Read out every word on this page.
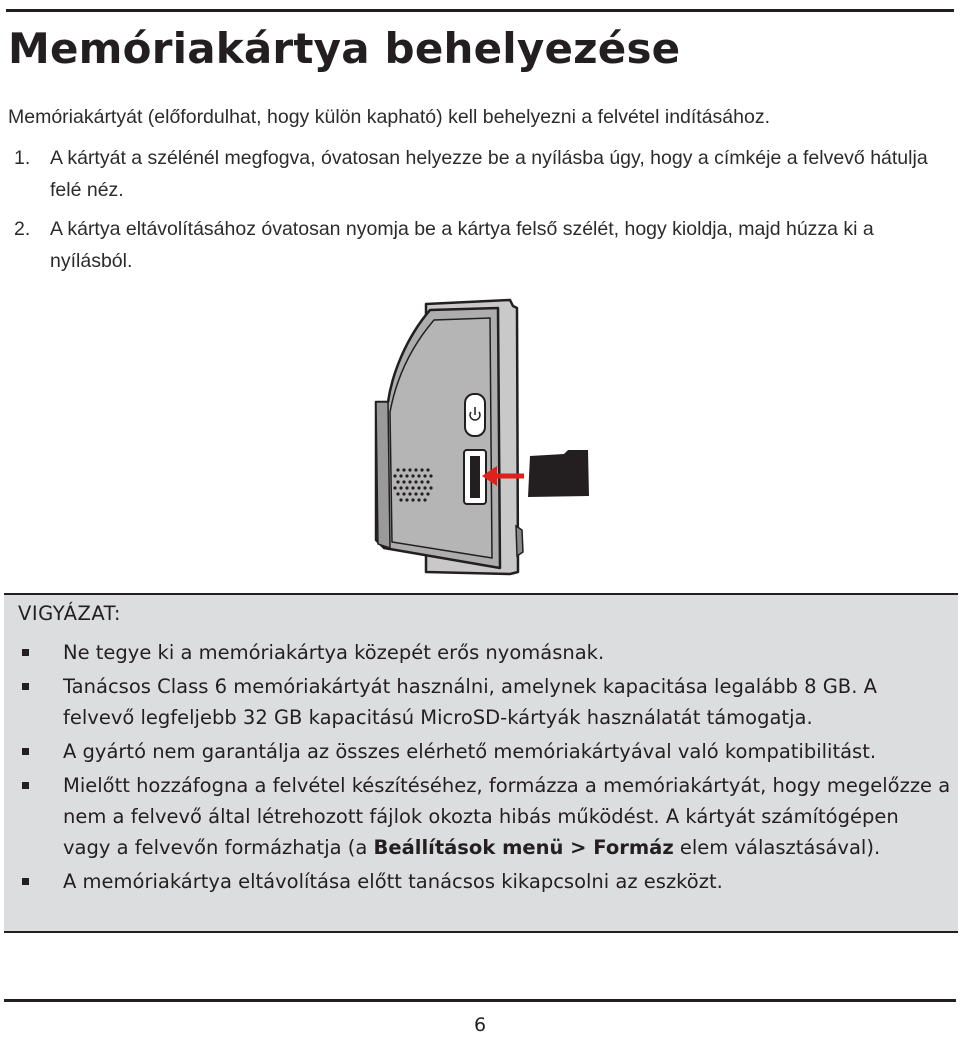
Memóriakártya behelyezése
Memóriakártyát (előfordulhat, hogy külön kapható) kell behelyezni a felvétel indításához.
1.	A kártyát a szélénél megfogva, óvatosan helyezze be a nyílásba úgy, hogy a címkéje a felvevő hátulja felé néz.
2.	A kártya eltávolításához óvatosan nyomja be a kártya felső szélét, hogy kioldja, majd húzza ki a nyílásból.
VIGYÁZAT:
Ne tegye ki a memóriakártya közepét erős nyomásnak.
Tanácsos Class 6 memóriakártyát használni, amelynek kapacitása legalább 8 GB. A felvevő legfeljebb 32 GB kapacitású MicroSD-kártyák használatát támogatja.
A gyártó nem garantálja az összes elérhető memóriakártyával való kompatibilitást.
Mielőtt hozzáfogna a felvétel készítéséhez, formázza a memóriakártyát, hogy megelőzze a nem a felvevő által létrehozott fájlok okozta hibás működést. A kártyát számítógépen vagy a felvevőn formázhatja (a Beállítások menü > Formáz elem választásával).
A memóriakártya eltávolítása előtt tanácsos kikapcsolni az eszközt.
6
